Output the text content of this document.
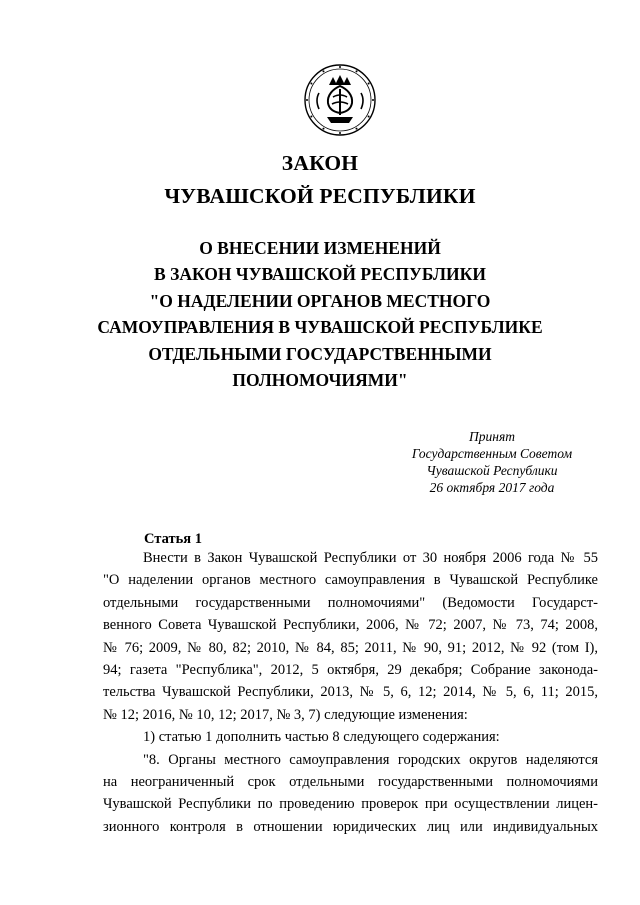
ЗАКОН
ЧУВАШСКОЙ РЕСПУБЛИКИ
О ВНЕСЕНИИ ИЗМЕНЕНИЙ
В ЗАКОН ЧУВАШСКОЙ РЕСПУБЛИКИ
"О НАДЕЛЕНИИ ОРГАНОВ МЕСТНОГО
САМОУПРАВЛЕНИЯ В ЧУВАШСКОЙ РЕСПУБЛИКЕ
ОТДЕЛЬНЫМИ ГОСУДАРСТВЕННЫМИ
ПОЛНОМОЧИЯМИ"
Принят
Государственным Советом
Чувашской Республики
26 октября 2017 года
Статья 1
Внести в Закон Чувашской Республики от 30 ноября 2006 года № 55
"О наделении органов местного самоуправления в Чувашской Республике
отдельными государственными полномочиями" (Ведомости Государст-
венного Совета Чувашской Республики, 2006, № 72; 2007, № 73, 74; 2008,
№ 76; 2009, № 80, 82; 2010, № 84, 85; 2011, № 90, 91; 2012, № 92 (том I),
94; газета "Республика", 2012, 5 октября, 29 декабря; Собрание законода-
тельства Чувашской Республики, 2013, № 5, 6, 12; 2014, № 5, 6, 11; 2015,
№ 12; 2016, № 10, 12; 2017, № 3, 7) следующие изменения:
1) статью 1 дополнить частью 8 следующего содержания:
"8. Органы местного самоуправления городских округов наделяются
на неограниченный срок отдельными государственными полномочиями
Чувашской Республики по проведению проверок при осуществлении лицен-
зионного контроля в отношении юридических лиц или индивидуальных
